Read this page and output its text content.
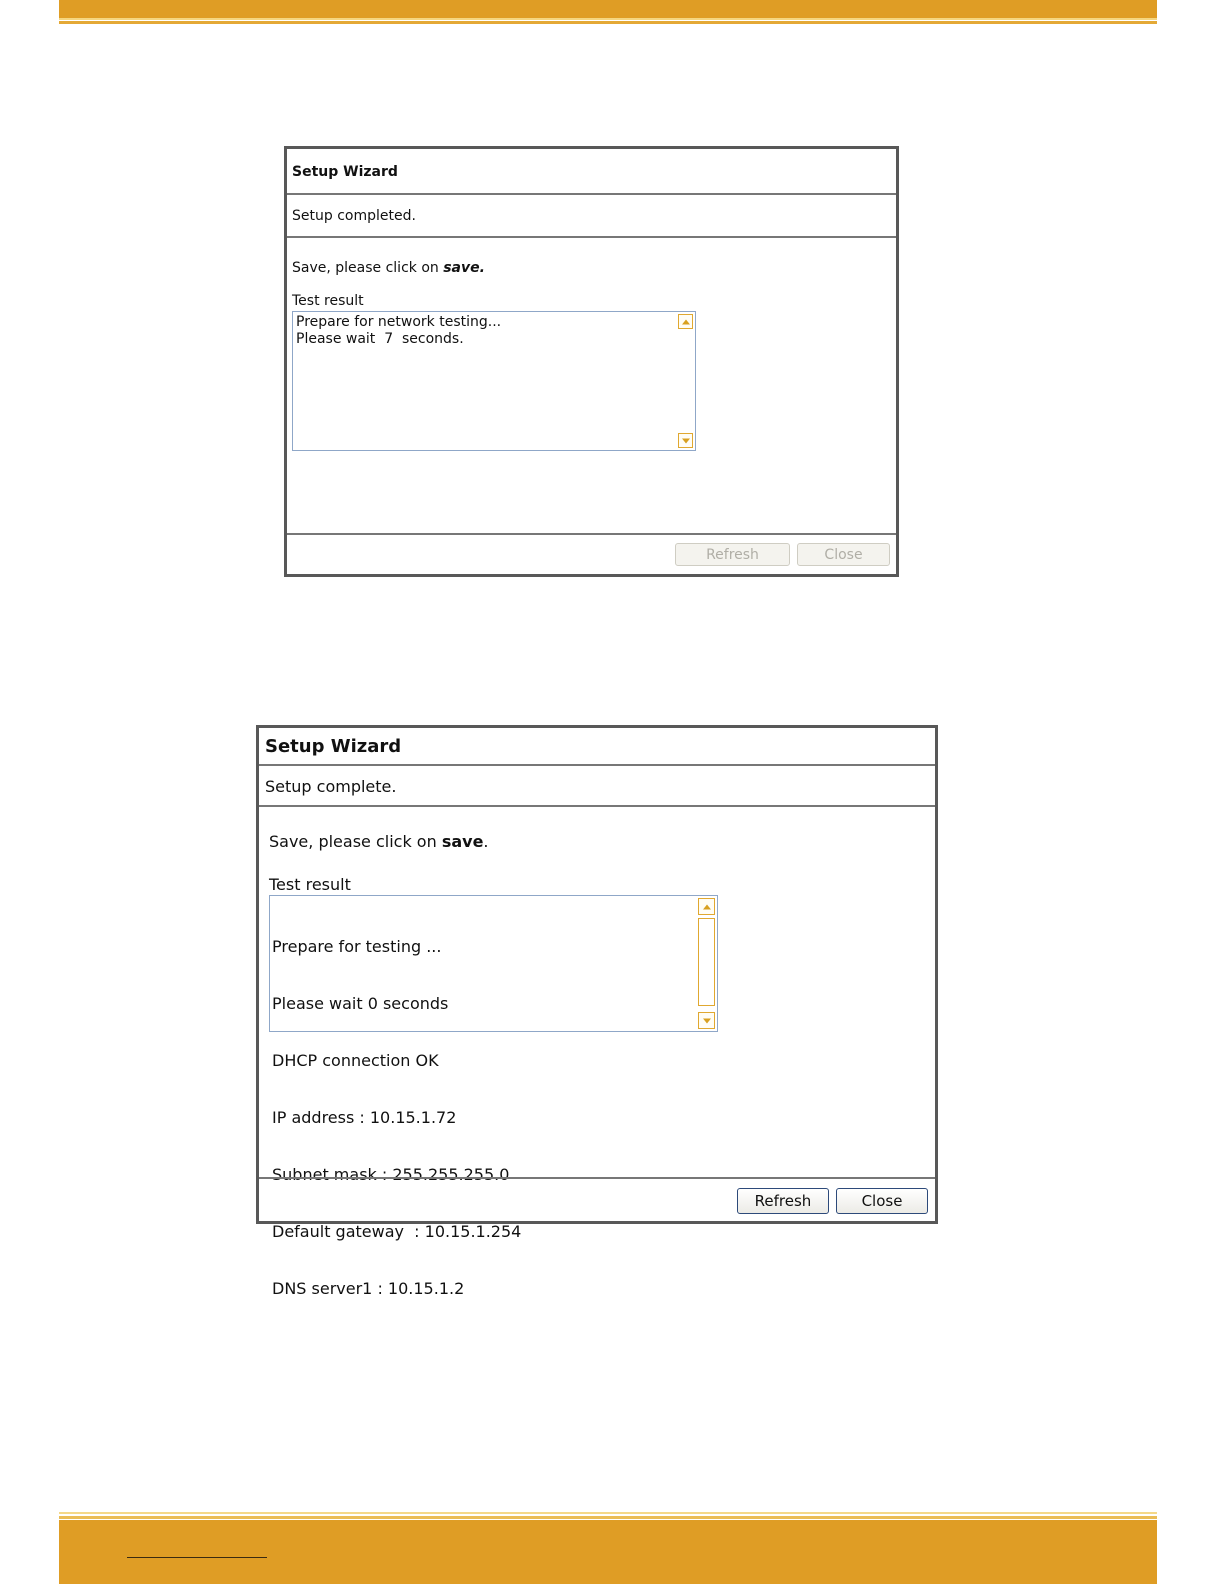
Setup Wizard
Setup completed.
Save, please click on save.
Test result
Prepare for network testing...
Please wait  7  seconds.
Refresh	Close
Setup Wizard
Setup complete.
Save, please click on save.
Test result

Prepare for testing ...

Please wait 0 seconds

DHCP connection OK

IP address : 10.15.1.72

Subnet mask : 255.255.255.0

Default gateway  : 10.15.1.254

DNS server1 : 10.15.1.2

Refresh	Close
